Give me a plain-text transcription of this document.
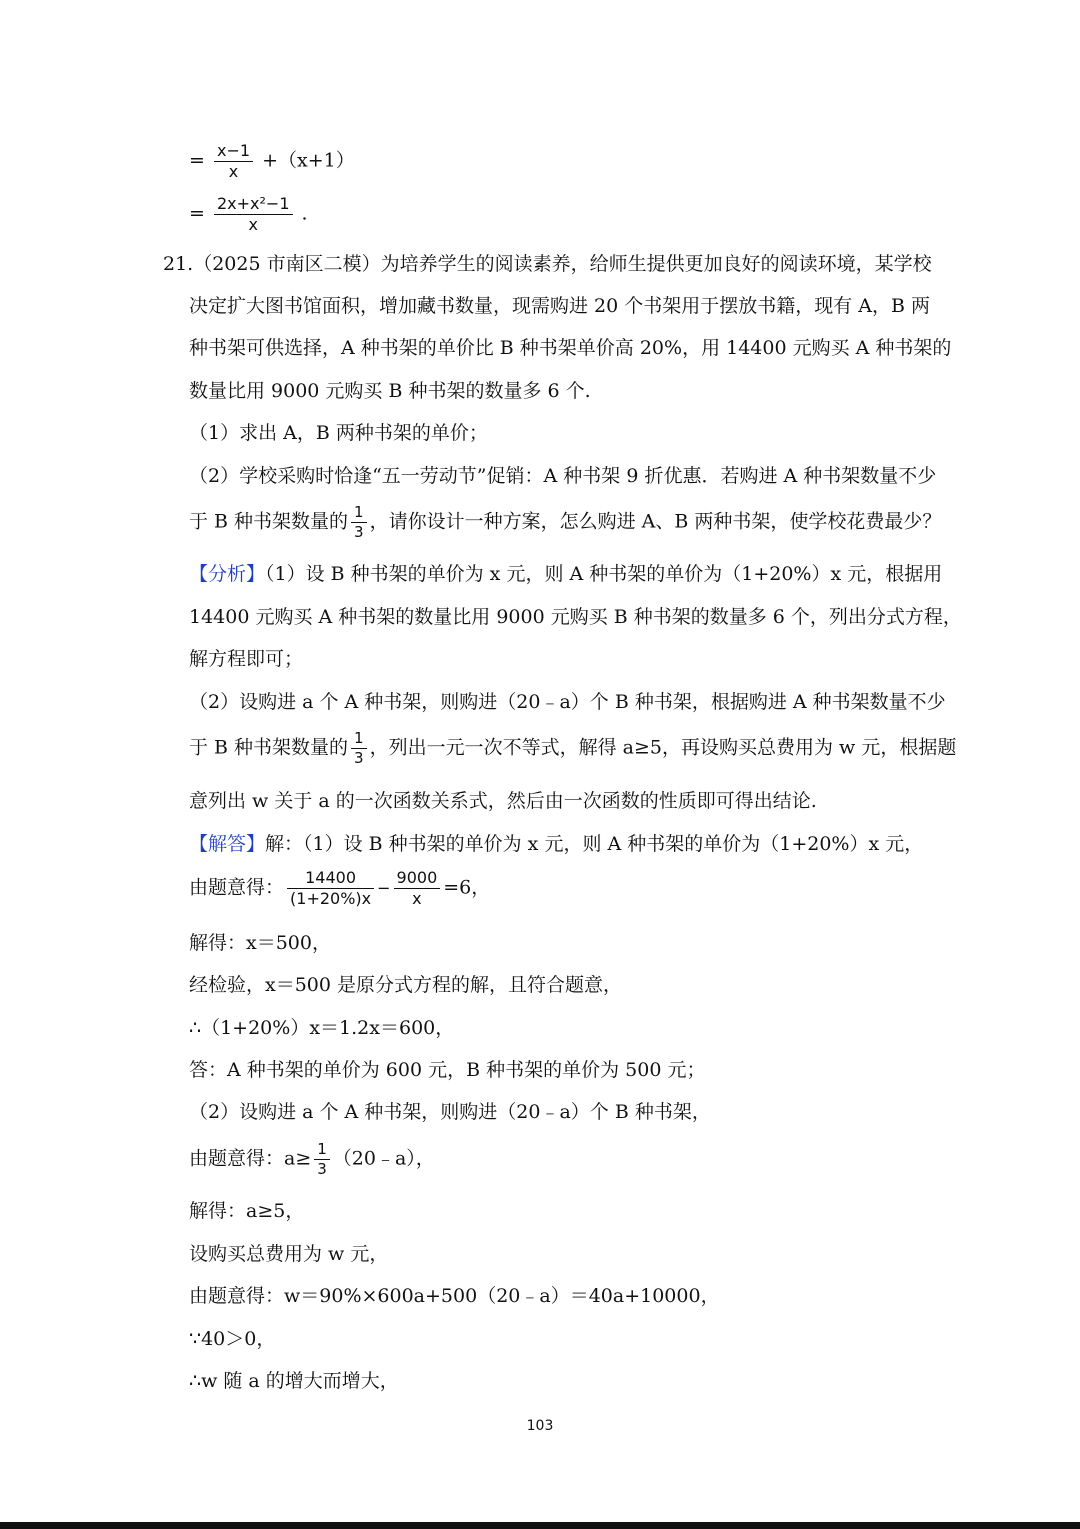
= $\frac{x-1}{x} +(x+1)$
= $\frac{\text{2x+x²−1}}{x}$ .
21.（2025 市南区二模）为培养学生的阅读素养，给师生提供更加良好的阅读环境，某学校
决定扩大图书馆面积，增加藏书数量，现需购进 20 个书架用于摆放书籍，现有 A，B 两
种书架可供选择，A 种书架的单价比 B 种书架单价高 20%，用 14400 元购买 A 种书架的
数量比用 9000 元购买 B 种书架的数量多 6 个.
（1）求出 A，B 两种书架的单价；
（2）学校采购时恰逢“五一劳动节”促销：A 种书架 9 折优惠．若购进 A 种书架数量不少
于 B 种书架数量的 $\frac{1}{3}$ ，请你设计一种方案，怎么购进 A、B 两种书架，使学校花费最少？
【分析】（1）设 B 种书架的单价为 x 元，则 A 种书架的单价为（1+20%）x 元，根据用
14400 元购买 A 种书架的数量比用 9000 元购买 B 种书架的数量多 6 个，列出分式方程，
解方程即可；
（2）设购进 a 个 A 种书架，则购进（20﹣a）个 B 种书架，根据购进 A 种书架数量不少
于 B 种书架数量的 $\frac{1}{3}$ ，列出一元一次不等式，解得 a≥5，再设购买总费用为 w 元，根据题
意列出 w 关于 a 的一次函数关系式，然后由一次函数的性质即可得出结论.
【解答】解：（1）设 B 种书架的单价为 x 元，则 A 种书架的单价为（1+20%）x 元，
由题意得： $\frac{14400}{(1+20\%)x} - \frac{9000}{x} =6$，
解得：x＝500，
经检验，x＝500 是原分式方程的解，且符合题意，
∴（1+20%）x＝1.2x＝600，
答：A 种书架的单价为 600 元，B 种书架的单价为 500 元；
（2）设购进 a 个 A 种书架，则购进（20﹣a）个 B 种书架，
由题意得：$a\ge \frac{1}{3}$ （20﹣a），
解得：a≥5，
设购买总费用为 w 元，
由题意得：w＝90%×600a+500（20﹣a）＝40a+10000，
∵40＞0，
∴w 随 a 的增大而增大，
103
